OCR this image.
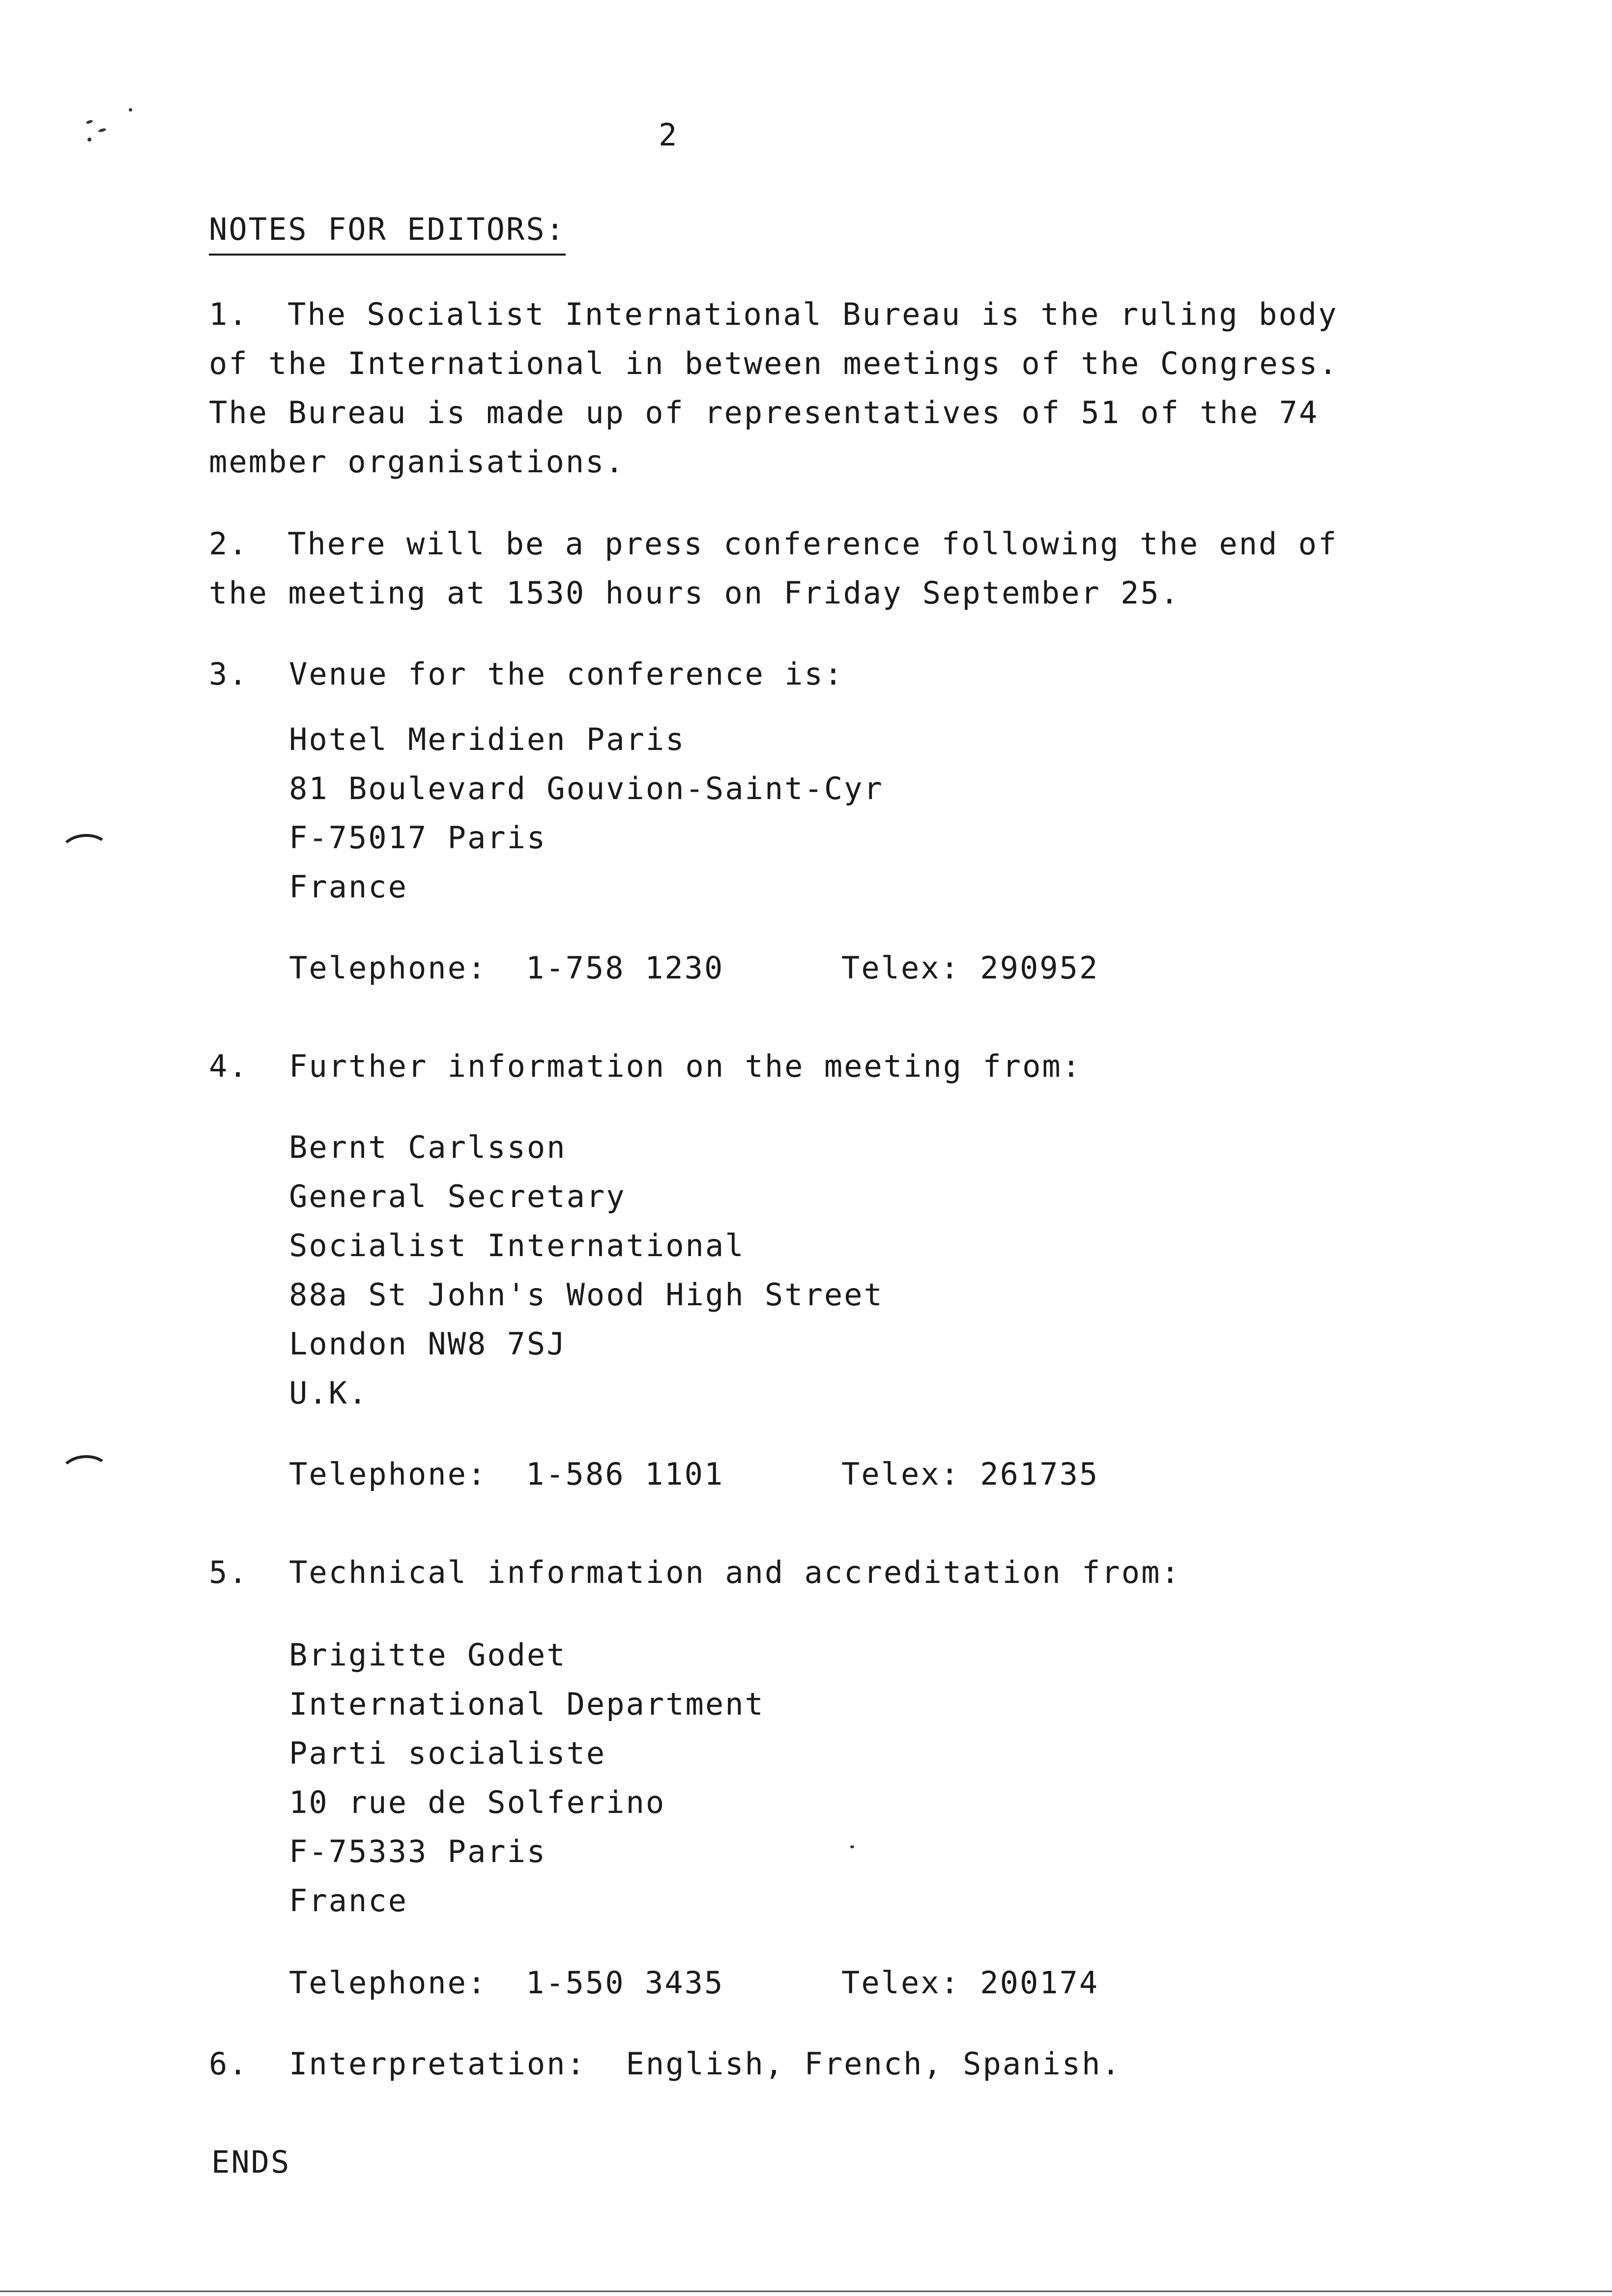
2
NOTES FOR EDITORS:
1. The Socialist International Bureau is the ruling body
of the International in between meetings of the Congress.
The Bureau is made up of representatives of 51 of the 74
member organisations.
2. There will be a press conference following the end of
the meeting at 1530 hours on Friday September 25.
3. Venue for the conference is:
Hotel Meridien Paris
81 Boulevard Gouvion-Saint-Cyr
F-75017 Paris
France
Telephone: 1-758 1230	Telex: 290952
4. Further information on the meeting from:
Bernt Carlsson
General Secretary
Socialist International
88a St John's Wood High Street
London NW8 7SJ
U.K.
Telephone: 1-586 1101	Telex: 261735
5. Technical information and accreditation from:
Brigitte Godet
International Department
Parti socialiste
10 rue de Solferino
F-75333 Paris
France
Telephone: 1-550 3435	Telex: 200174
6. Interpretation:  English, French, Spanish.
ENDS
